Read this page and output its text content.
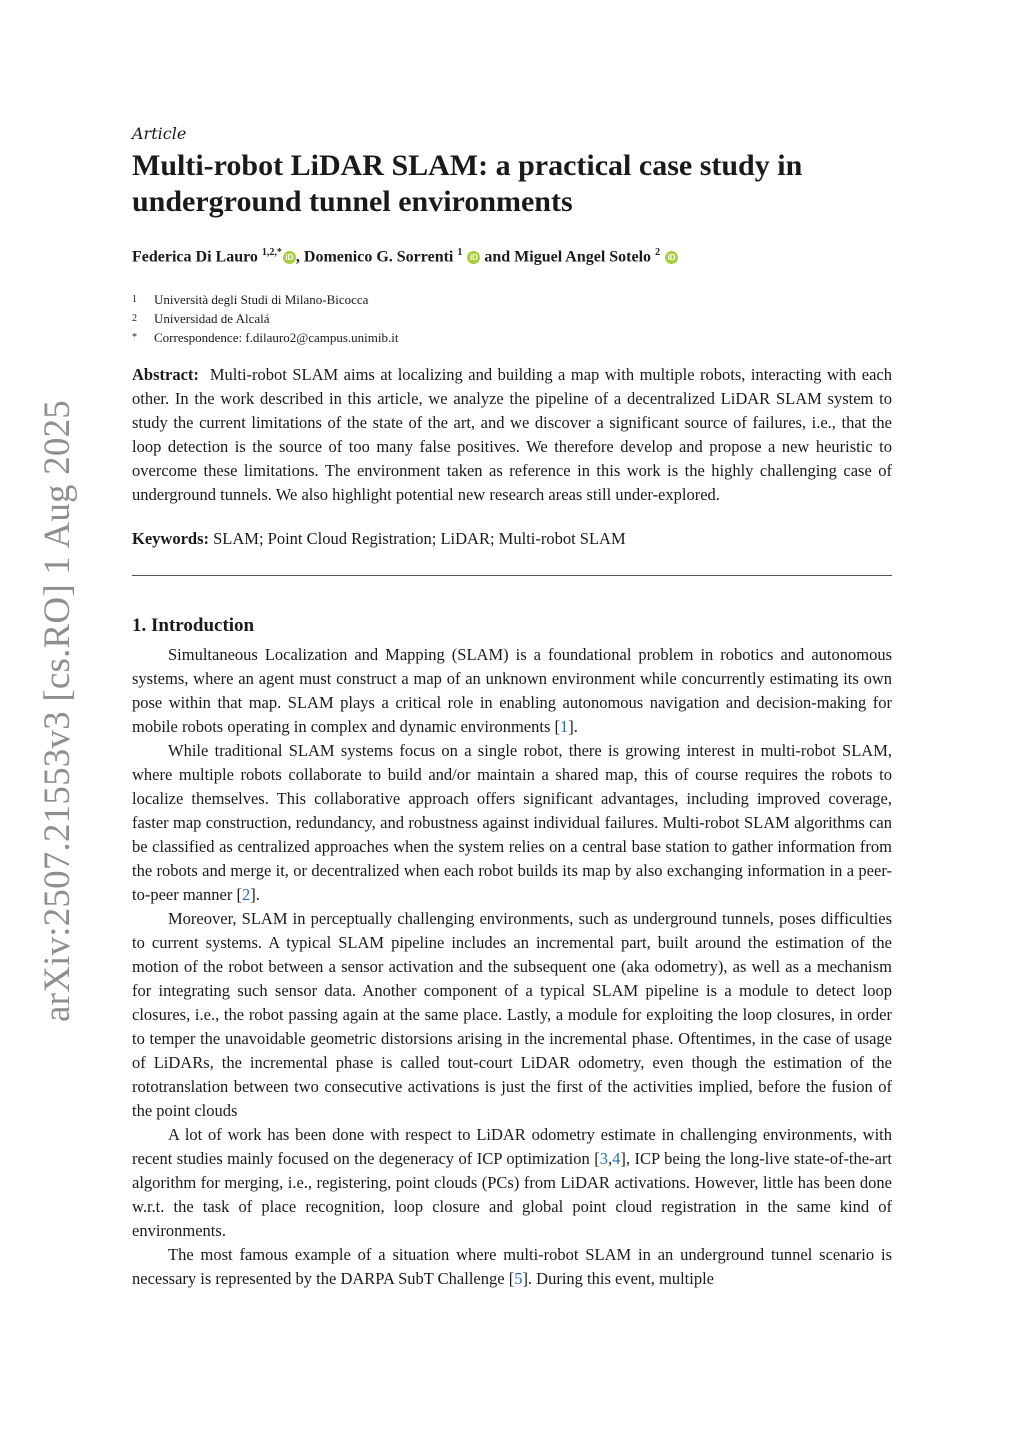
arXiv:2507.21553v3 [cs.RO] 1 Aug 2025

Article

Multi-robot LiDAR SLAM: a practical case study in underground tunnel environments
Federica Di Lauro $^{1,2,*}$ iD , Domenico G. Sorrenti $^1$ iD and Miguel Angel Sotelo $^2$ iD
1	Università degli Studi di Milano-Bicocca
2	Universidad de Alcalá
*	Correspondence: f.dilauro2@campus.unimib.it
Abstract: Multi-robot SLAM aims at localizing and building a map with multiple robots, interacting with each other. In the work described in this article, we analyze the pipeline of a decentralized LiDAR SLAM system to study the current limitations of the state of the art, and we discover a significant source of failures, i.e., that the loop detection is the source of too many false positives. We therefore develop and propose a new heuristic to overcome these limitations. The environment taken as reference in this work is the highly challenging case of underground tunnels. We also highlight potential new research areas still under-explored.
Keywords: SLAM; Point Cloud Registration; LiDAR; Multi-robot SLAM
1. Introduction

Simultaneous Localization and Mapping (SLAM) is a foundational problem in robotics and autonomous systems, where an agent must construct a map of an unknown environment while concurrently estimating its own pose within that map. SLAM plays a critical role in enabling autonomous navigation and decision-making for mobile robots operating in complex and dynamic environments [1].

While traditional SLAM systems focus on a single robot, there is growing interest in multi-robot SLAM, where multiple robots collaborate to build and/or maintain a shared map, this of course requires the robots to localize themselves. This collaborative approach offers significant advantages, including improved coverage, faster map construction, redundancy, and robustness against individual failures. Multi-robot SLAM algorithms can be classified as centralized approaches when the system relies on a central base station to gather information from the robots and merge it, or decentralized when each robot builds its map by also exchanging information in a peer-to-peer manner [2].

Moreover, SLAM in perceptually challenging environments, such as underground tunnels, poses difficulties to current systems. A typical SLAM pipeline includes an incremental part, built around the estimation of the motion of the robot between a sensor activation and the subsequent one (aka odometry), as well as a mechanism for integrating such sensor data. Another component of a typical SLAM pipeline is a module to detect loop closures, i.e., the robot passing again at the same place. Lastly, a module for exploiting the loop closures, in order to temper the unavoidable geometric distorsions arising in the incremental phase. Oftentimes, in the case of usage of LiDARs, the incremental phase is called tout-court LiDAR odometry, even though the estimation of the rototranslation between two consecutive activations is just the first of the activities implied, before the fusion of the point clouds

A lot of work has been done with respect to LiDAR odometry estimate in challenging environments, with recent studies mainly focused on the degeneracy of ICP optimization [3,4], ICP being the long-live state-of-the-art algorithm for merging, i.e., registering, point clouds (PCs) from LiDAR activations. However, little has been done w.r.t. the task of place recognition, loop closure and global point cloud registration in the same kind of environments.

The most famous example of a situation where multi-robot SLAM in an underground tunnel scenario is necessary is represented by the DARPA SubT Challenge [5]. During this event, multiple
